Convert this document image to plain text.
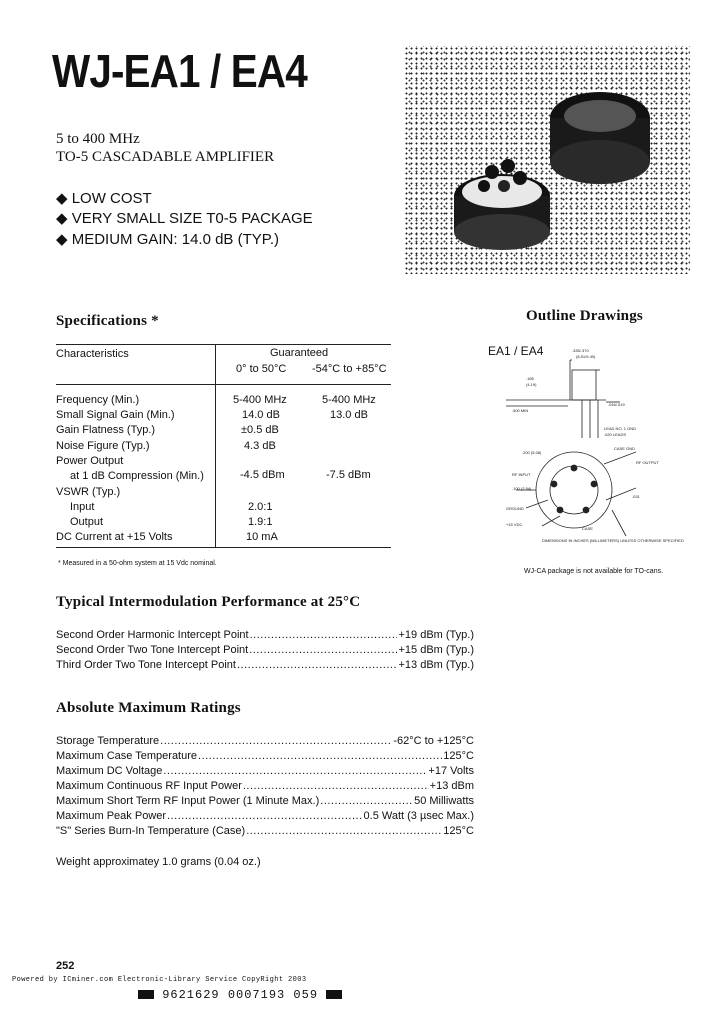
WJ-EA1 / EA4
5 to 400 MHz
TO-5 CASCADABLE AMPLIFIER
◆ LOW COST
◆ VERY SMALL SIZE T0-5 PACKAGE
◆ MEDIUM GAIN: 14.0 dB (TYP.)
Specifications *
Characteristics	Guaranteed
0° to 50°C -54°C to +85°C
Frequency (Min.)	5-400 MHz	5-400 MHz
Small Signal Gain (Min.)	14.0 dB	13.0 dB
Gain Flatness (Typ.)	±0.5 dB
Noise Figure (Typ.)	4.3 dB
Power Output
at 1 dB Compression (Min.)	-4.5 dBm	-7.5 dBm
VSWR (Typ.)
Input	2.0:1
Output	1.9:1
DC Current at +15 Volts	10 mA
* Measured in a 50-ohm system at 15 Vdc nominal.
Outline Drawings
EA1 / EA4	.335/.370
(8.51/9.40)
.165
(4.19)
.016/.019
.500 MIN
LEAD NO. 1 GND
.020 LEADS
.200 (5.08)
CASE GND
RF OUTPUT
RF INPUT
.100 (2.54)
.031
GROUND
+15 VDC
CASE
DIMENSIONS IN INCHES (MILLIMETERS) UNLESS OTHERWISE SPECIFIED
WJ-CA package is not available for TO-cans.
Typical Intermodulation Performance at 25°C
Second Order Harmonic Intercept Point .....	+19 dBm (Typ.)
Second Order Two Tone Intercept Point .....	+15 dBm (Typ.)
Third Order Two Tone Intercept Point .....	+13 dBm (Typ.)
Absolute Maximum Ratings
Storage Temperature .....	-62°C to +125°C
Maximum Case Temperature .....	125°C
Maximum DC Voltage .....	+17 Volts
Maximum Continuous RF Input Power .....	+13 dBm
Maximum Short Term RF Input Power (1 Minute Max.) .....	50 Milliwatts
Maximum Peak Power .....	0.5 Watt (3 µsec Max.)
"S" Series Burn-In Temperature (Case) .....	125°C
Weight approximatey 1.0 grams (0.04 oz.)
252
Powered by ICminer.com Electronic-Library Service CopyRight 2003
9621629 0007193 059
